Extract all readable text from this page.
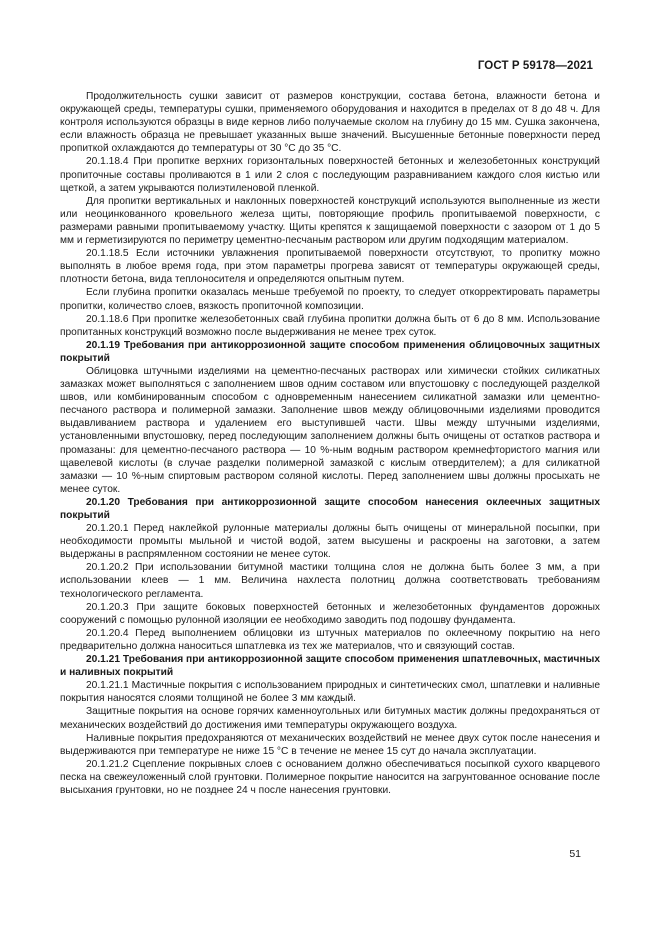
ГОСТ Р 59178—2021

Продолжительность сушки зависит от размеров конструкции, состава бетона, влажности бетона и окружающей среды, температуры сушки, применяемого оборудования и находится в пределах от 8 до 48 ч. Для контроля используются образцы в виде кернов либо получаемые сколом на глубину до 15 мм. Сушка закончена, если влажность образца не превышает указанных выше значений. Высушенные бетонные поверхности перед пропиткой охлаждаются до температуры от 30 °С до 35 °С.

20.1.18.4 При пропитке верхних горизонтальных поверхностей бетонных и железобетонных конструкций пропиточные составы проливаются в 1 или 2 слоя с последующим разравниванием каждого слоя кистью или щеткой, а затем укрываются полиэтиленовой пленкой.

Для пропитки вертикальных и наклонных поверхностей конструкций используются выполненные из жести или неоцинкованного кровельного железа щиты, повторяющие профиль пропитываемой поверхности, с размерами равными пропитываемому участку. Щиты крепятся к защищаемой поверхности с зазором от 1 до 5 мм и герметизируются по периметру цементно-песчаным раствором или другим подходящим материалом.

20.1.18.5 Если источники увлажнения пропитываемой поверхности отсутствуют, то пропитку можно выполнять в любое время года, при этом параметры прогрева зависят от температуры окружающей среды, плотности бетона, вида теплоносителя и определяются опытным путем.

Если глубина пропитки оказалась меньше требуемой по проекту, то следует откорректировать параметры пропитки, количество слоев, вязкость пропиточной композиции.

20.1.18.6 При пропитке железобетонных свай глубина пропитки должна быть от 6 до 8 мм. Использование пропитанных конструкций возможно после выдерживания не менее трех суток.

20.1.19 Требования при антикоррозионной защите способом применения облицовочных защитных покрытий

Облицовка штучными изделиями на цементно-песчаных растворах или химически стойких силикатных замазках может выполняться с заполнением швов одним составом или впустошовку с последующей разделкой швов, или комбинированным способом с одновременным нанесением силикатной замазки или цементно-песчаного раствора и полимерной замазки. Заполнение швов между облицовочными изделиями проводится выдавливанием раствора и удалением его выступившей части. Швы между штучными изделиями, установленными впустошовку, перед последующим заполнением должны быть очищены от остатков раствора и промазаны: для цементно-песчаного раствора — 10 %-ным водным раствором кремнефтористого магния или щавелевой кислоты (в случае разделки полимерной замазкой с кислым отвердителем); а для силикатной замазки — 10 %-ным спиртовым раствором соляной кислоты. Перед заполнением швы должны просыхать не менее суток.

20.1.20 Требования при антикоррозионной защите способом нанесения оклеечных защитных покрытий

20.1.20.1 Перед наклейкой рулонные материалы должны быть очищены от минеральной посыпки, при необходимости промыты мыльной и чистой водой, затем высушены и раскроены на заготовки, а затем выдержаны в распрямленном состоянии не менее суток.

20.1.20.2 При использовании битумной мастики толщина слоя не должна быть более 3 мм, а при использовании клеев — 1 мм. Величина нахлеста полотниц должна соответствовать требованиям технологического регламента.

20.1.20.3 При защите боковых поверхностей бетонных и железобетонных фундаментов дорожных сооружений с помощью рулонной изоляции ее необходимо заводить под подошву фундамента.

20.1.20.4 Перед выполнением облицовки из штучных материалов по оклеечному покрытию на него предварительно должна наноситься шпатлевка из тех же материалов, что и связующий состав.

20.1.21 Требования при антикоррозионной защите способом применения шпатлевочных, мастичных и наливных покрытий

20.1.21.1 Мастичные покрытия с использованием природных и синтетических смол, шпатлевки и наливные покрытия наносятся слоями толщиной не более 3 мм каждый.

Защитные покрытия на основе горячих каменноугольных или битумных мастик должны предохраняться от механических воздействий до достижения ими температуры окружающего воздуха.

Наливные покрытия предохраняются от механических воздействий не менее двух суток после нанесения и выдерживаются при температуре не ниже 15 °С в течение не менее 15 сут до начала эксплуатации.

20.1.21.2 Сцепление покрывных слоев с основанием должно обеспечиваться посыпкой сухого кварцевого песка на свежеуложенный слой грунтовки. Полимерное покрытие наносится на загрунтованное основание после высыхания грунтовки, но не позднее 24 ч после нанесения грунтовки.

51
